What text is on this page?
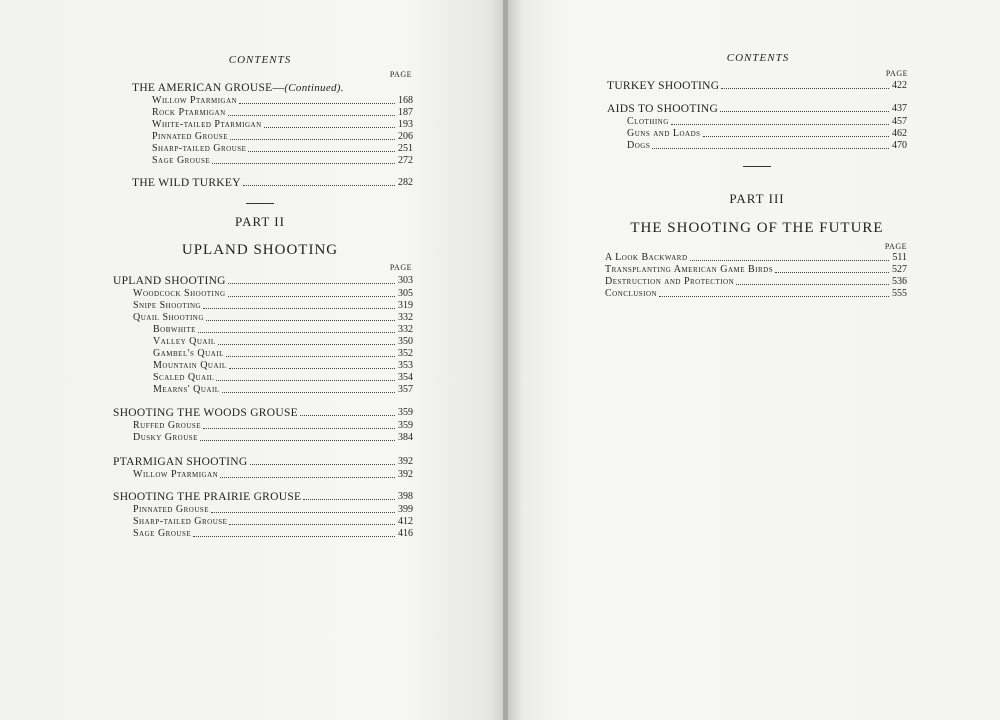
CONTENTS
PAGE
THE AMERICAN GROUSE—(Continued).
Willow Ptarmigan	168
Rock Ptarmigan	187
White-tailed Ptarmigan	193
Pinnated Grouse	206
Sharp-tailed Grouse	251
Sage Grouse	272
THE WILD TURKEY	282
PART II
UPLAND SHOOTING
PAGE
UPLAND SHOOTING	303
Woodcock Shooting	305
Snipe Shooting	319
Quail Shooting	332
Bobwhite	332
Valley Quail	350
Gambel's Quail	352
Mountain Quail	353
Scaled Quail	354
Mearns' Quail	357
SHOOTING THE WOODS GROUSE	359
Ruffed Grouse	359
Dusky Grouse	384
PTARMIGAN SHOOTING	392
Willow Ptarmigan	392
SHOOTING THE PRAIRIE GROUSE	398
Pinnated Grouse	399
Sharp-tailed Grouse	412
Sage Grouse	416
CONTENTS
PAGE
TURKEY SHOOTING	422
AIDS TO SHOOTING	437
Clothing	457
Guns and Loads	462
Dogs	470
PART III
THE SHOOTING OF THE FUTURE
PAGE
A Look Backward	511
Transplanting American Game Birds	527
Destruction and Protection	536
Conclusion	555
